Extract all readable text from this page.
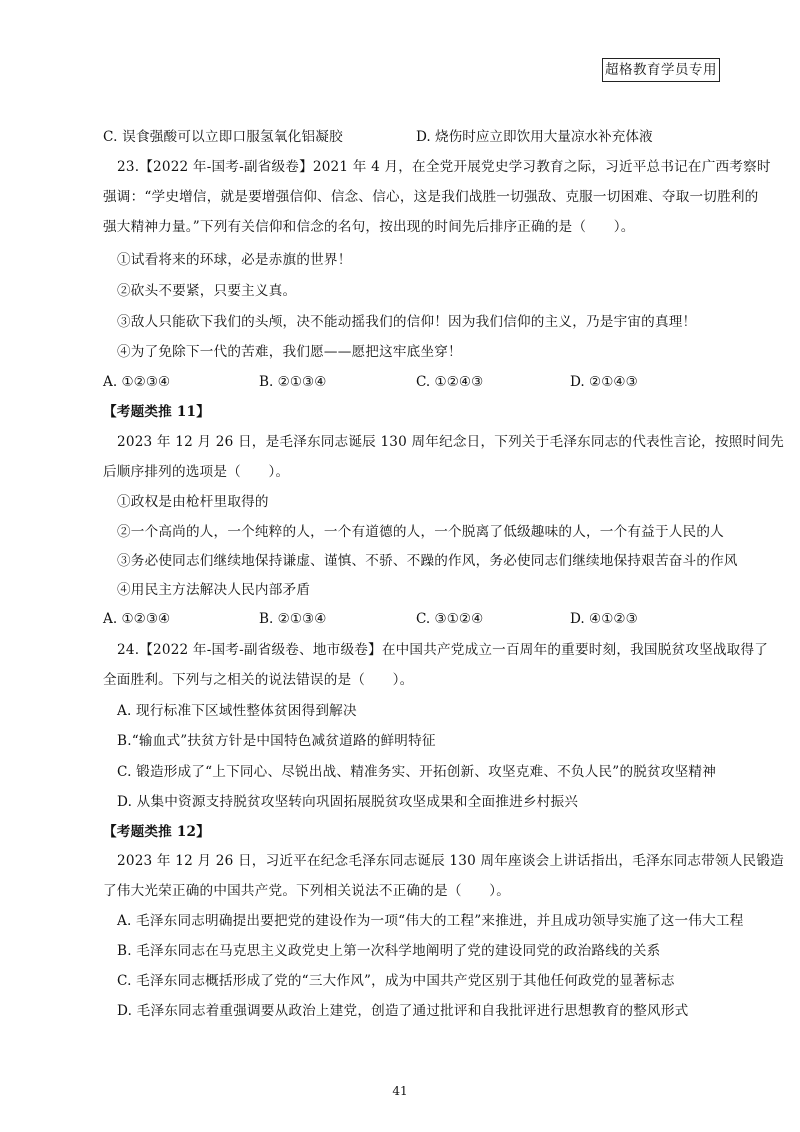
超格教育学员专用
C. 误食强酸可以立即口服氢氧化铝凝胶	D. 烧伤时应立即饮用大量凉水补充体液
23.【2022 年-国考-副省级卷】2021 年 4 月，在全党开展党史学习教育之际，习近平总书记在广西考察时
强调：“学史增信，就是要增强信仰、信念、信心，这是我们战胜一切强敌、克服一切困难、夺取一切胜利的
强大精神力量。”下列有关信仰和信念的名句，按出现的时间先后排序正确的是（　　）。
①试看将来的环球，必是赤旗的世界！
②砍头不要紧，只要主义真。
③敌人只能砍下我们的头颅，决不能动摇我们的信仰！因为我们信仰的主义，乃是宇宙的真理！
④为了免除下一代的苦难，我们愿——愿把这牢底坐穿！
A. ①②③④	B. ②①③④	C. ①②④③	D. ②①④③
【考题类推 11】
2023 年 12 月 26 日，是毛泽东同志诞辰 130 周年纪念日，下列关于毛泽东同志的代表性言论，按照时间先
后顺序排列的选项是（　　）。
①政权是由枪杆里取得的
②一个高尚的人，一个纯粹的人，一个有道德的人，一个脱离了低级趣味的人，一个有益于人民的人
③务必使同志们继续地保持谦虚、谨慎、不骄、不躁的作风，务必使同志们继续地保持艰苦奋斗的作风
④用民主方法解决人民内部矛盾
A. ①②③④	B. ②①③④	C. ③①②④	D. ④①②③
24.【2022 年-国考-副省级卷、地市级卷】在中国共产党成立一百周年的重要时刻，我国脱贫攻坚战取得了
全面胜利。下列与之相关的说法错误的是（　　）。
A. 现行标准下区域性整体贫困得到解决
B.“输血式”扶贫方针是中国特色减贫道路的鲜明特征
C. 锻造形成了“上下同心、尽锐出战、精准务实、开拓创新、攻坚克难、不负人民”的脱贫攻坚精神
D. 从集中资源支持脱贫攻坚转向巩固拓展脱贫攻坚成果和全面推进乡村振兴
【考题类推 12】
2023 年 12 月 26 日，习近平在纪念毛泽东同志诞辰 130 周年座谈会上讲话指出，毛泽东同志带领人民锻造
了伟大光荣正确的中国共产党。下列相关说法不正确的是（　　）。
A. 毛泽东同志明确提出要把党的建设作为一项“伟大的工程”来推进，并且成功领导实施了这一伟大工程
B. 毛泽东同志在马克思主义政党史上第一次科学地阐明了党的建设同党的政治路线的关系
C. 毛泽东同志概括形成了党的“三大作风”，成为中国共产党区别于其他任何政党的显著标志
D. 毛泽东同志着重强调要从政治上建党，创造了通过批评和自我批评进行思想教育的整风形式
41
